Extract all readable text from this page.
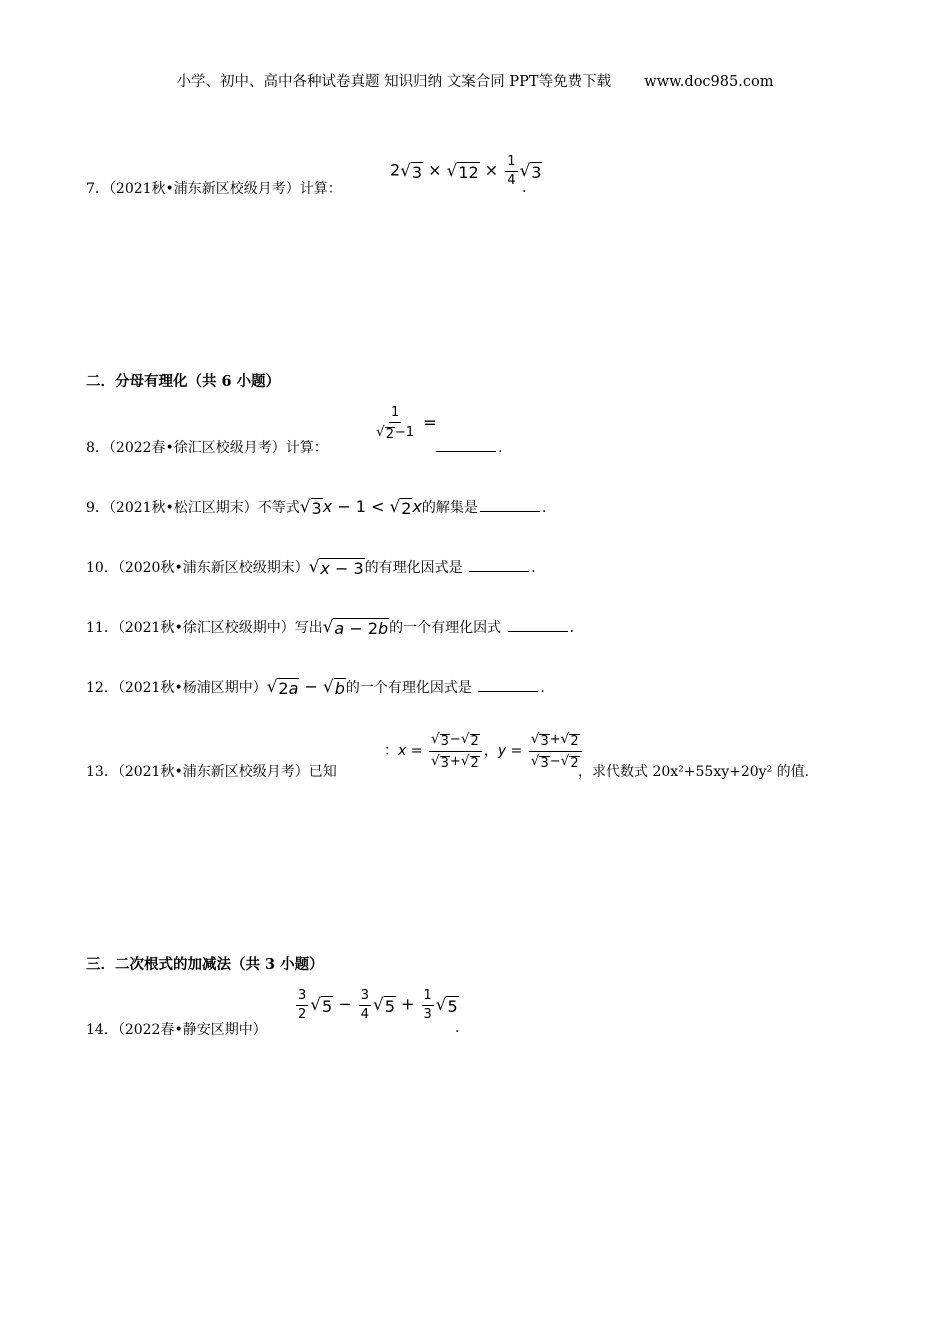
小学、初中、高中各种试卷真题 知识归纳 文案合同 PPT等免费下载 www.doc985.com
7．（2021秋•浦东新区校级月考）计算：
2 √ 3 × √ $12 \times \frac{1}{4}$ √ 3
.
二．分母有理化（共 6 小题）
8．（2022春•徐汇区校级月考）计算：
$\frac{1}{√ 2 -1}$ =
.
9．（2021秋•松江区期末）不等式 √ 3 x − 1 < √ 2 x的解集是	.
10．（2020秋•浦东新区校级期末） √ x − 3 的有理化因式是	.
11．（2021秋•徐汇区校级期中）写出 √ a − 2b 的一个有理化因式	.
12．（2021秋•杨浦区期中） √ 2a − √ b 的一个有理化因式是	.
13．（2021秋•浦东新区校级月考）已知
：$x = \frac{√ 3 - √ 2}{√ 3 + √ 2}$ ，$y = \frac{√ 3 + √ 2}{√ 3 - √ 2}$
，求代数式 20x²+55xy+20y² 的值．
三．二次根式的加减法（共 3 小题）
14．（2022春•静安区期中）
$\frac{3}{2}$ √ $5 - \frac{3}{4}$ √ $5 + \frac{1}{3}$ √ 5
.
